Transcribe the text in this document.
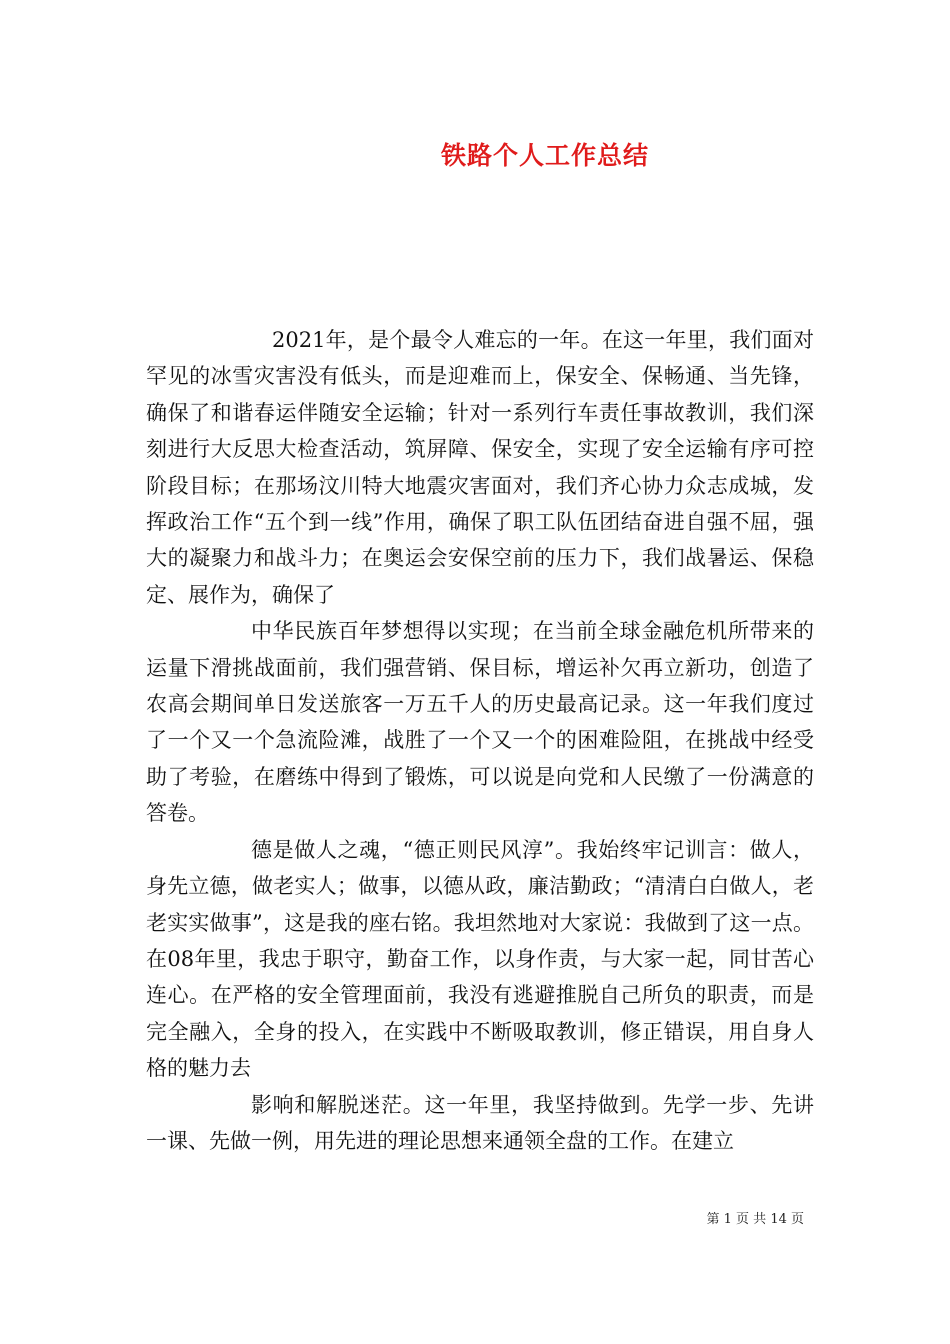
铁路个人工作总结

2021年，是个最令人难忘的一年。在这一年里，我们面对罕见的冰雪灾害没有低头，而是迎难而上，保安全、保畅通、当先锋，确保了和谐春运伴随安全运输；针对一系列行车责任事故教训，我们深刻进行大反思大检查活动，筑屏障、保安全，实现了安全运输有序可控阶段目标；在那场汶川特大地震灾害面对，我们齐心协力众志成城，发挥政治工作“五个到一线”作用，确保了职工队伍团结奋进自强不屈，强大的凝聚力和战斗力；在奥运会安保空前的压力下，我们战暑运、保稳定、展作为，确保了

中华民族百年梦想得以实现；在当前全球金融危机所带来的运量下滑挑战面前，我们强营销、保目标，增运补欠再立新功，创造了农高会期间单日发送旅客一万五千人的历史最高记录。这一年我们度过了一个又一个急流险滩，战胜了一个又一个的困难险阻，在挑战中经受助了考验，在磨练中得到了锻炼，可以说是向党和人民缴了一份满意的答卷。

德是做人之魂，“德正则民风淳”。我始终牢记训言：做人，身先立德，做老实人；做事，以德从政，廉洁勤政；“清清白白做人，老老实实做事”，这是我的座右铭。我坦然地对大家说：我做到了这一点。在08年里，我忠于职守，勤奋工作，以身作责，与大家一起，同甘苦心连心。在严格的安全管理面前，我没有逃避推脱自己所负的职责，而是完全融入，全身的投入，在实践中不断吸取教训，修正错误，用自身人格的魅力去

影响和解脱迷茫。这一年里，我坚持做到。先学一步、先讲一课、先做一例，用先进的理论思想来通领全盘的工作。在建立

第 1 页 共 14 页
